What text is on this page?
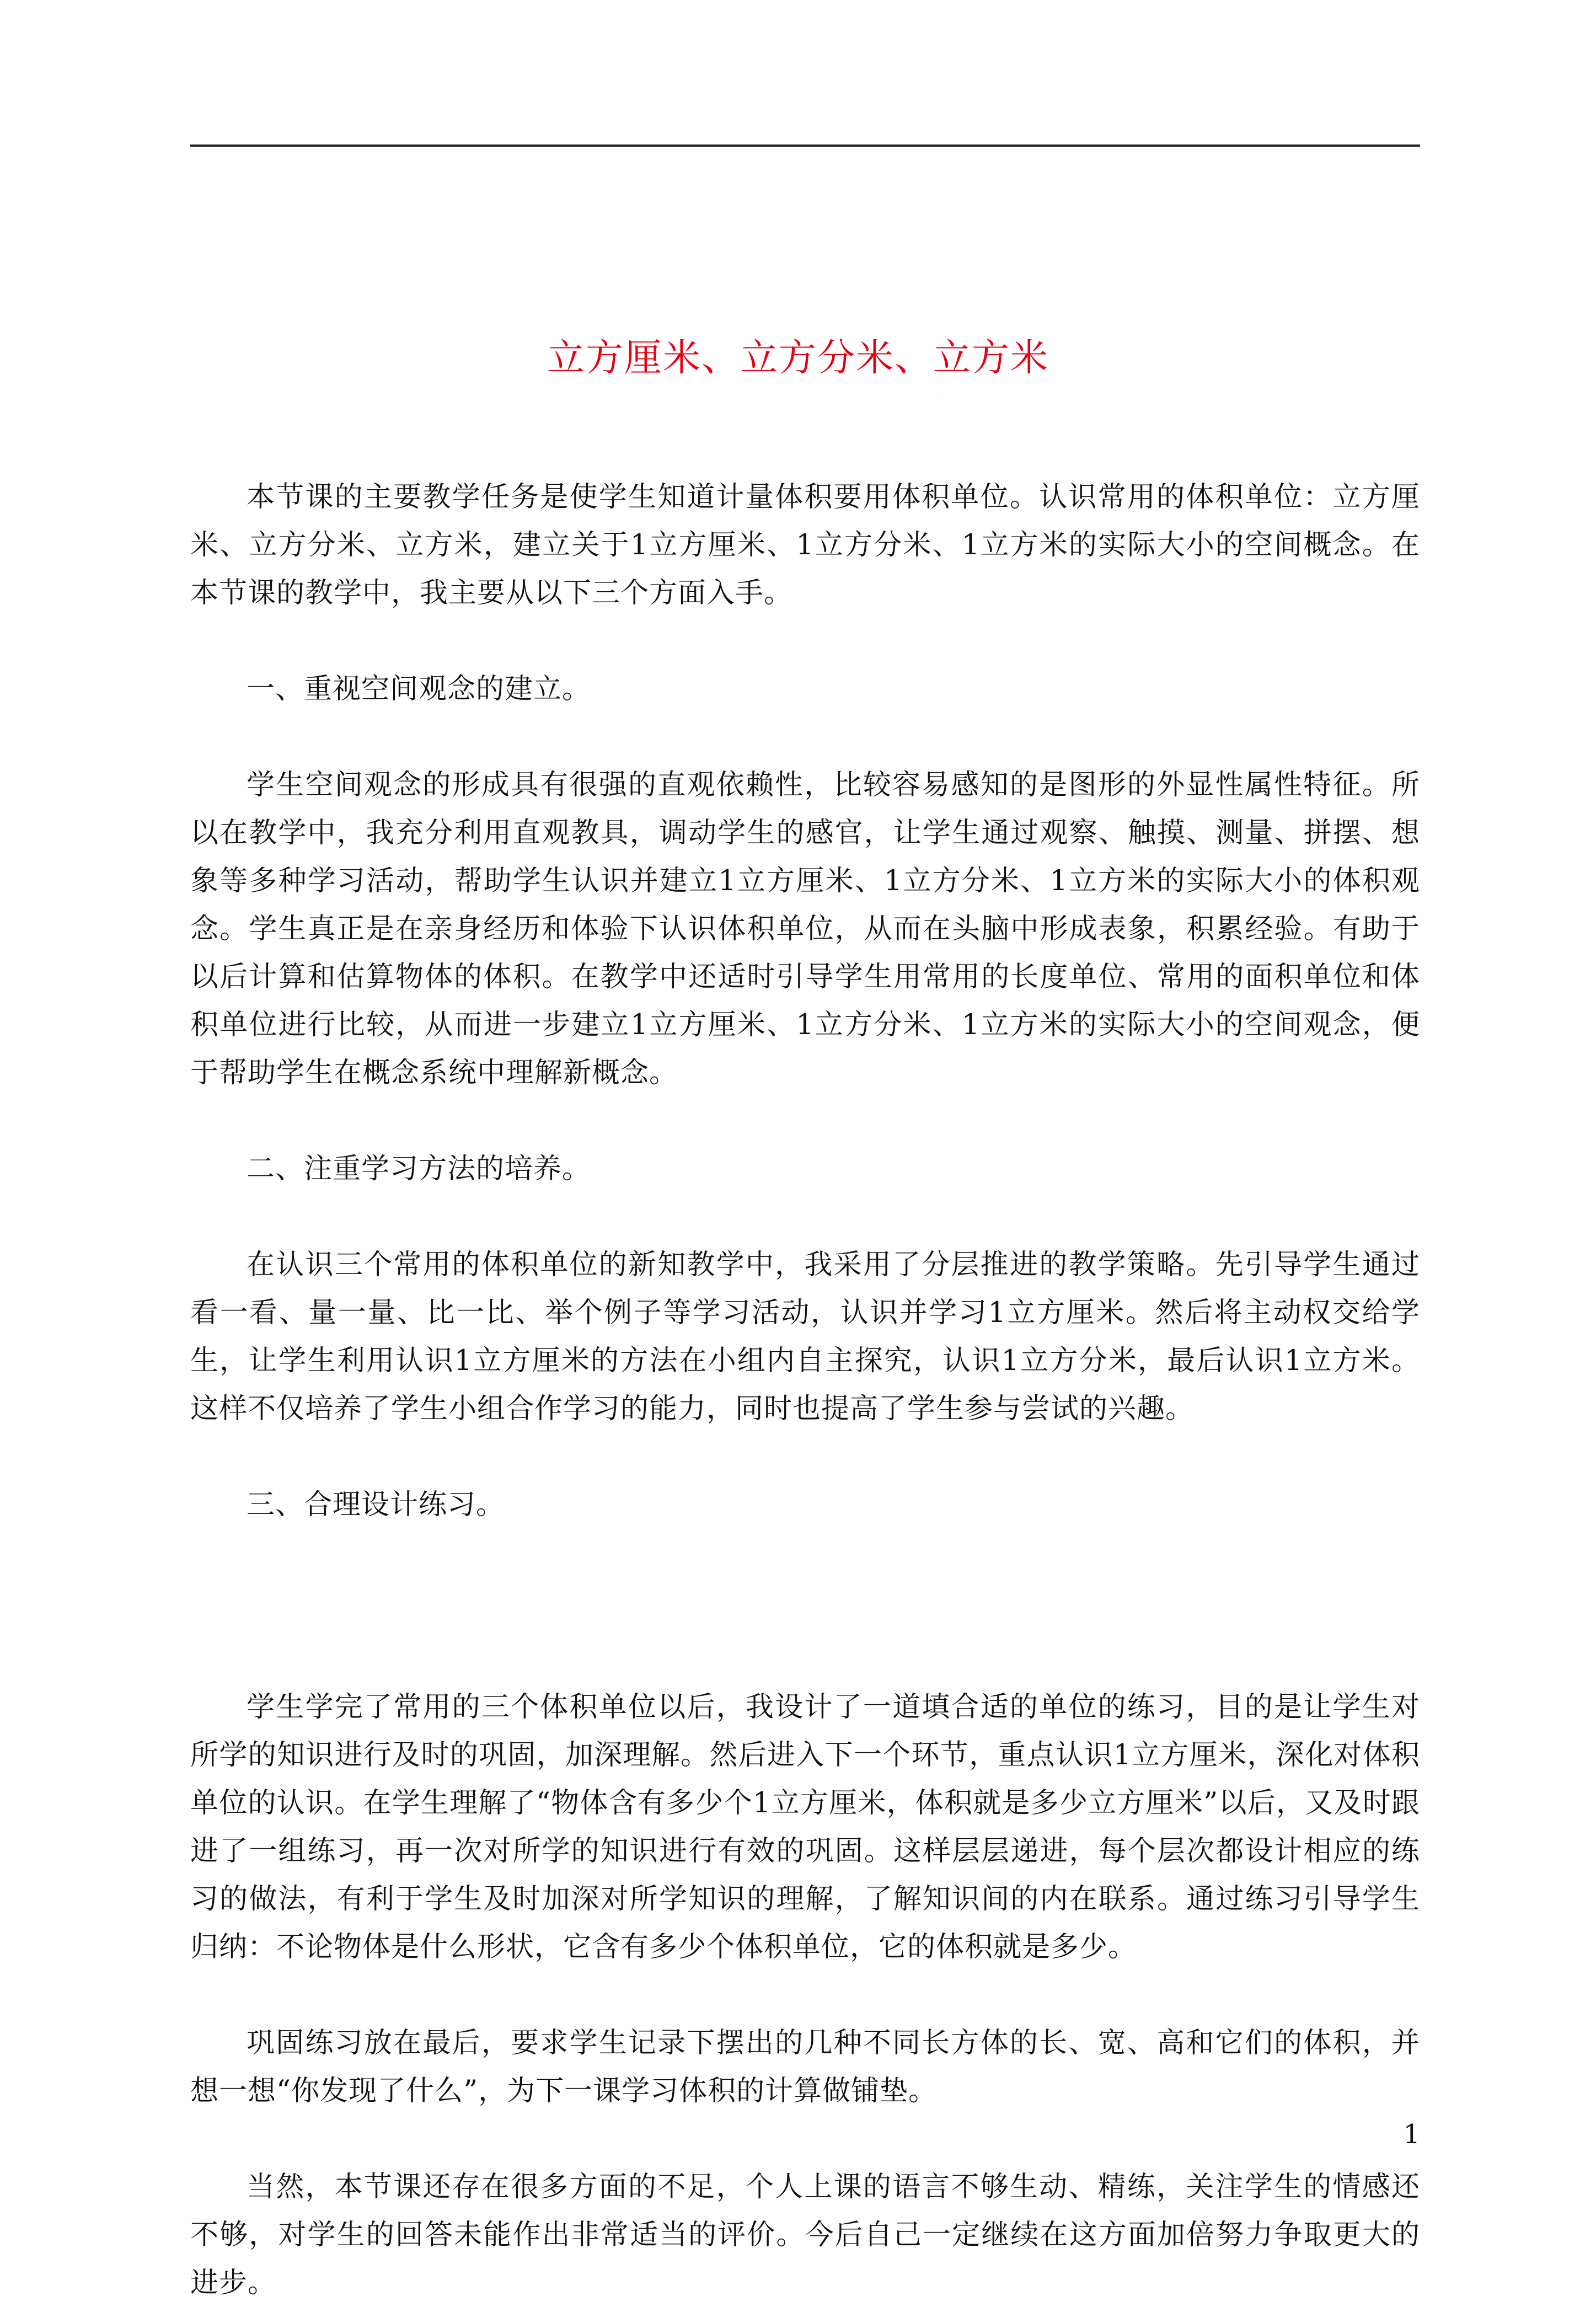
立方厘米、立方分米、立方米

本节课的主要教学任务是使学生知道计量体积要用体积单位。认识常用的体积单位：立方厘米、立方分米、立方米，建立关于1立方厘米、1立方分米、1立方米的实际大小的空间概念。在本节课的教学中，我主要从以下三个方面入手。

一、重视空间观念的建立。

学生空间观念的形成具有很强的直观依赖性，比较容易感知的是图形的外显性属性特征。所以在教学中，我充分利用直观教具，调动学生的感官，让学生通过观察、触摸、测量、拼摆、想象等多种学习活动，帮助学生认识并建立1立方厘米、1立方分米、1立方米的实际大小的体积观念。学生真正是在亲身经历和体验下认识体积单位，从而在头脑中形成表象，积累经验。有助于以后计算和估算物体的体积。在教学中还适时引导学生用常用的长度单位、常用的面积单位和体积单位进行比较，从而进一步建立1立方厘米、1立方分米、1立方米的实际大小的空间观念，便于帮助学生在概念系统中理解新概念。

二、注重学习方法的培养。

在认识三个常用的体积单位的新知教学中，我采用了分层推进的教学策略。先引导学生通过看一看、量一量、比一比、举个例子等学习活动，认识并学习1立方厘米。然后将主动权交给学生，让学生利用认识1立方厘米的方法在小组内自主探究，认识1立方分米，最后认识1立方米。这样不仅培养了学生小组合作学习的能力，同时也提高了学生参与尝试的兴趣。

三、合理设计练习。

学生学完了常用的三个体积单位以后，我设计了一道填合适的单位的练习，目的是让学生对所学的知识进行及时的巩固，加深理解。然后进入下一个环节，重点认识1立方厘米，深化对体积单位的认识。在学生理解了“物体含有多少个1立方厘米，体积就是多少立方厘米”以后，又及时跟进了一组练习，再一次对所学的知识进行有效的巩固。这样层层递进，每个层次都设计相应的练习的做法，有利于学生及时加深对所学知识的理解，了解知识间的内在联系。通过练习引导学生归纳：不论物体是什么形状，它含有多少个体积单位，它的体积就是多少。

巩固练习放在最后，要求学生记录下摆出的几种不同长方体的长、宽、高和它们的体积，并想一想“你发现了什么”，为下一课学习体积的计算做铺垫。

当然，本节课还存在很多方面的不足，个人上课的语言不够生动、精练，关注学生的情感还不够，对学生的回答未能作出非常适当的评价。今后自己一定继续在这方面加倍努力争取更大的进步。

1
